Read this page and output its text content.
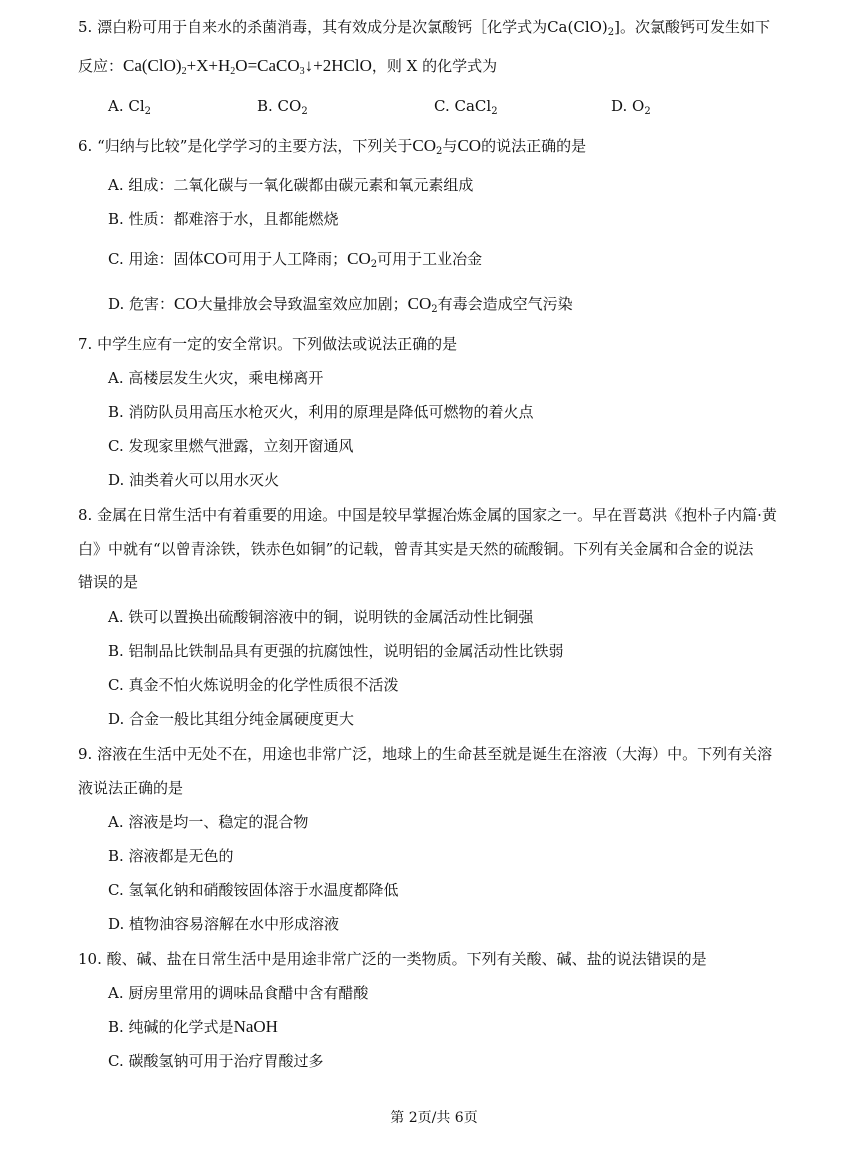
5. 漂白粉可用于自来水的杀菌消毒，其有效成分是次氯酸钙［化学式为$Ca(ClO)_2$]。次氯酸钙可发生如下
反应：$Ca(ClO)_2+X+H_2O=CaCO_3↓+2HClO$，则 X 的化学式为
A. $Cl_2$	B. $CO_2$	C. CaCl$_2$	D. $O_2$
6. “归纳与比较”是化学学习的主要方法，下列关于$CO_2$与CO的说法正确的是
A. 组成：二氧化碳与一氧化碳都由碳元素和氧元素组成
B. 性质：都难溶于水，且都能燃烧
C. 用途：固体CO可用于人工降雨；$CO_2$可用于工业冶金
D. 危害：CO大量排放会导致温室效应加剧；$CO_2$有毒会造成空气污染
7. 中学生应有一定的安全常识。下列做法或说法正确的是
A. 高楼层发生火灾，乘电梯离开
B. 消防队员用高压水枪灭火，利用的原理是降低可燃物的着火点
C. 发现家里燃气泄露，立刻开窗通风
D. 油类着火可以用水灭火
8. 金属在日常生活中有着重要的用途。中国是较早掌握冶炼金属的国家之一。早在晋葛洪《抱朴子内篇·黄
白》中就有“以曾青涂铁，铁赤色如铜”的记载，曾青其实是天然的硫酸铜。下列有关金属和合金的说法
错误的是
A. 铁可以置换出硫酸铜溶液中的铜，说明铁的金属活动性比铜强
B. 铝制品比铁制品具有更强的抗腐蚀性，说明铝的金属活动性比铁弱
C. 真金不怕火炼说明金的化学性质很不活泼
D. 合金一般比其组分纯金属硬度更大
9. 溶液在生活中无处不在，用途也非常广泛，地球上的生命甚至就是诞生在溶液（大海）中。下列有关溶
液说法正确的是
A. 溶液是均一、稳定的混合物
B. 溶液都是无色的
C. 氢氧化钠和硝酸铵固体溶于水温度都降低
D. 植物油容易溶解在水中形成溶液
10. 酸、碱、盐在日常生活中是用途非常广泛的一类物质。下列有关酸、碱、盐的说法错误的是
A. 厨房里常用的调味品食醋中含有醋酸
B. 纯碱的化学式是NaOH
C. 碳酸氢钠可用于治疗胃酸过多
第 2页/共 6页
